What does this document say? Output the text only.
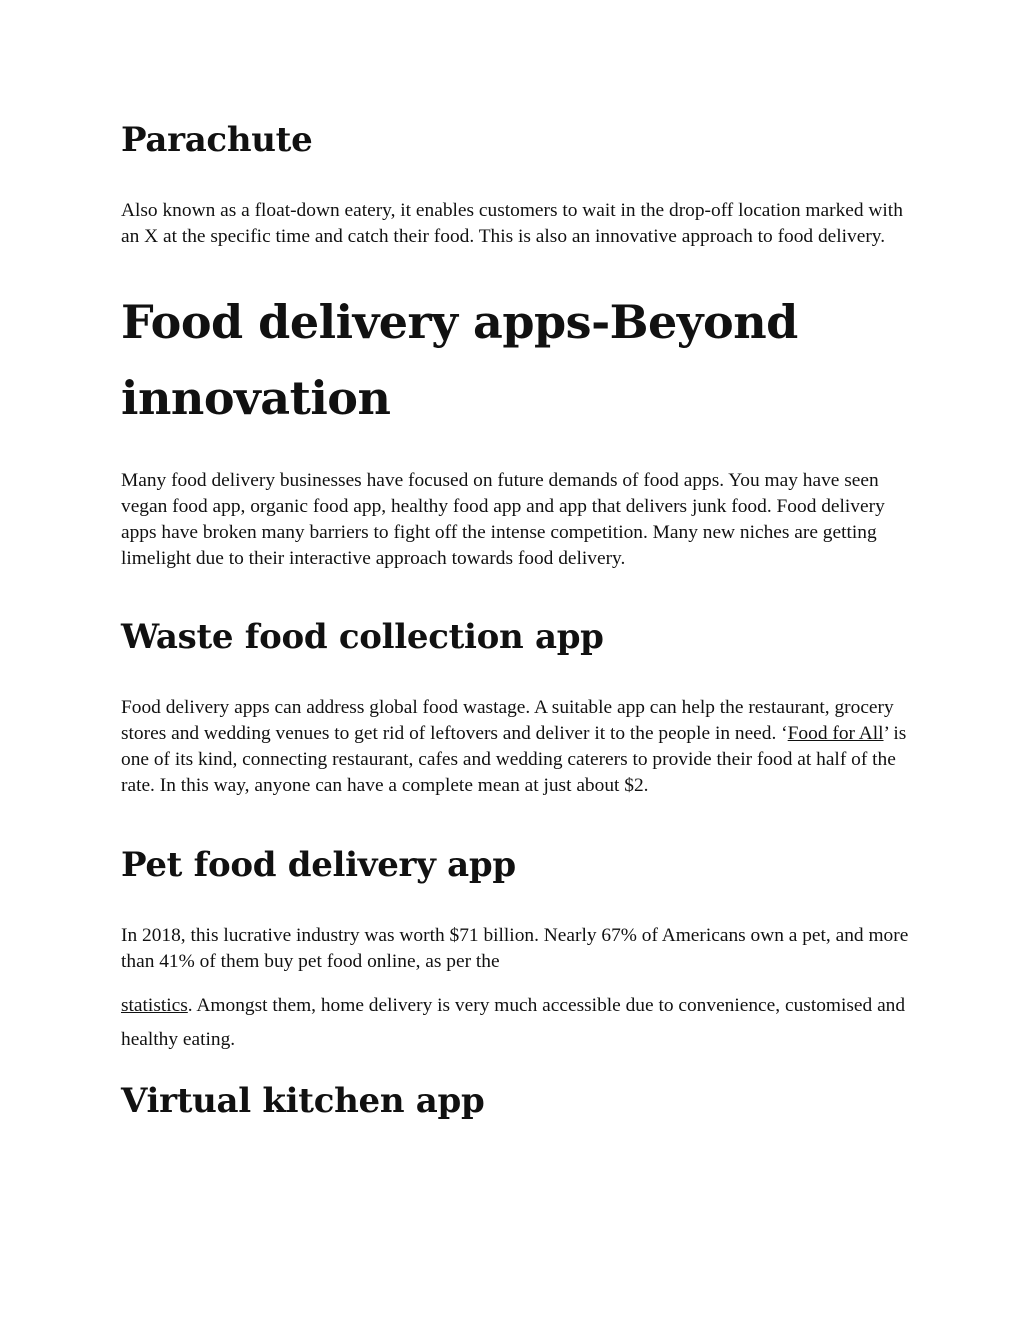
Parachute

Also known as a float-down eatery, it enables customers to wait in the drop-off location marked with an X at the specific time and catch their food. This is also an innovative approach to food delivery.

Food delivery apps-Beyond innovation

Many food delivery businesses have focused on future demands of food apps. You may have seen vegan food app, organic food app, healthy food app and app that delivers junk food. Food delivery apps have broken many barriers to fight off the intense competition. Many new niches are getting limelight due to their interactive approach towards food delivery.

Waste food collection app

Food delivery apps can address global food wastage. A suitable app can help the restaurant, grocery stores and wedding venues to get rid of leftovers and deliver it to the people in need. ‘Food for All’ is one of its kind, connecting restaurant, cafes and wedding caterers to provide their food at half of the rate. In this way, anyone can have a complete mean at just about $2.

Pet food delivery app

In 2018, this lucrative industry was worth $71 billion. Nearly 67% of Americans own a pet, and more than 41% of them buy pet food online, as per the

statistics. Amongst them, home delivery is very much accessible due to convenience, customised and healthy eating.

Virtual kitchen app
